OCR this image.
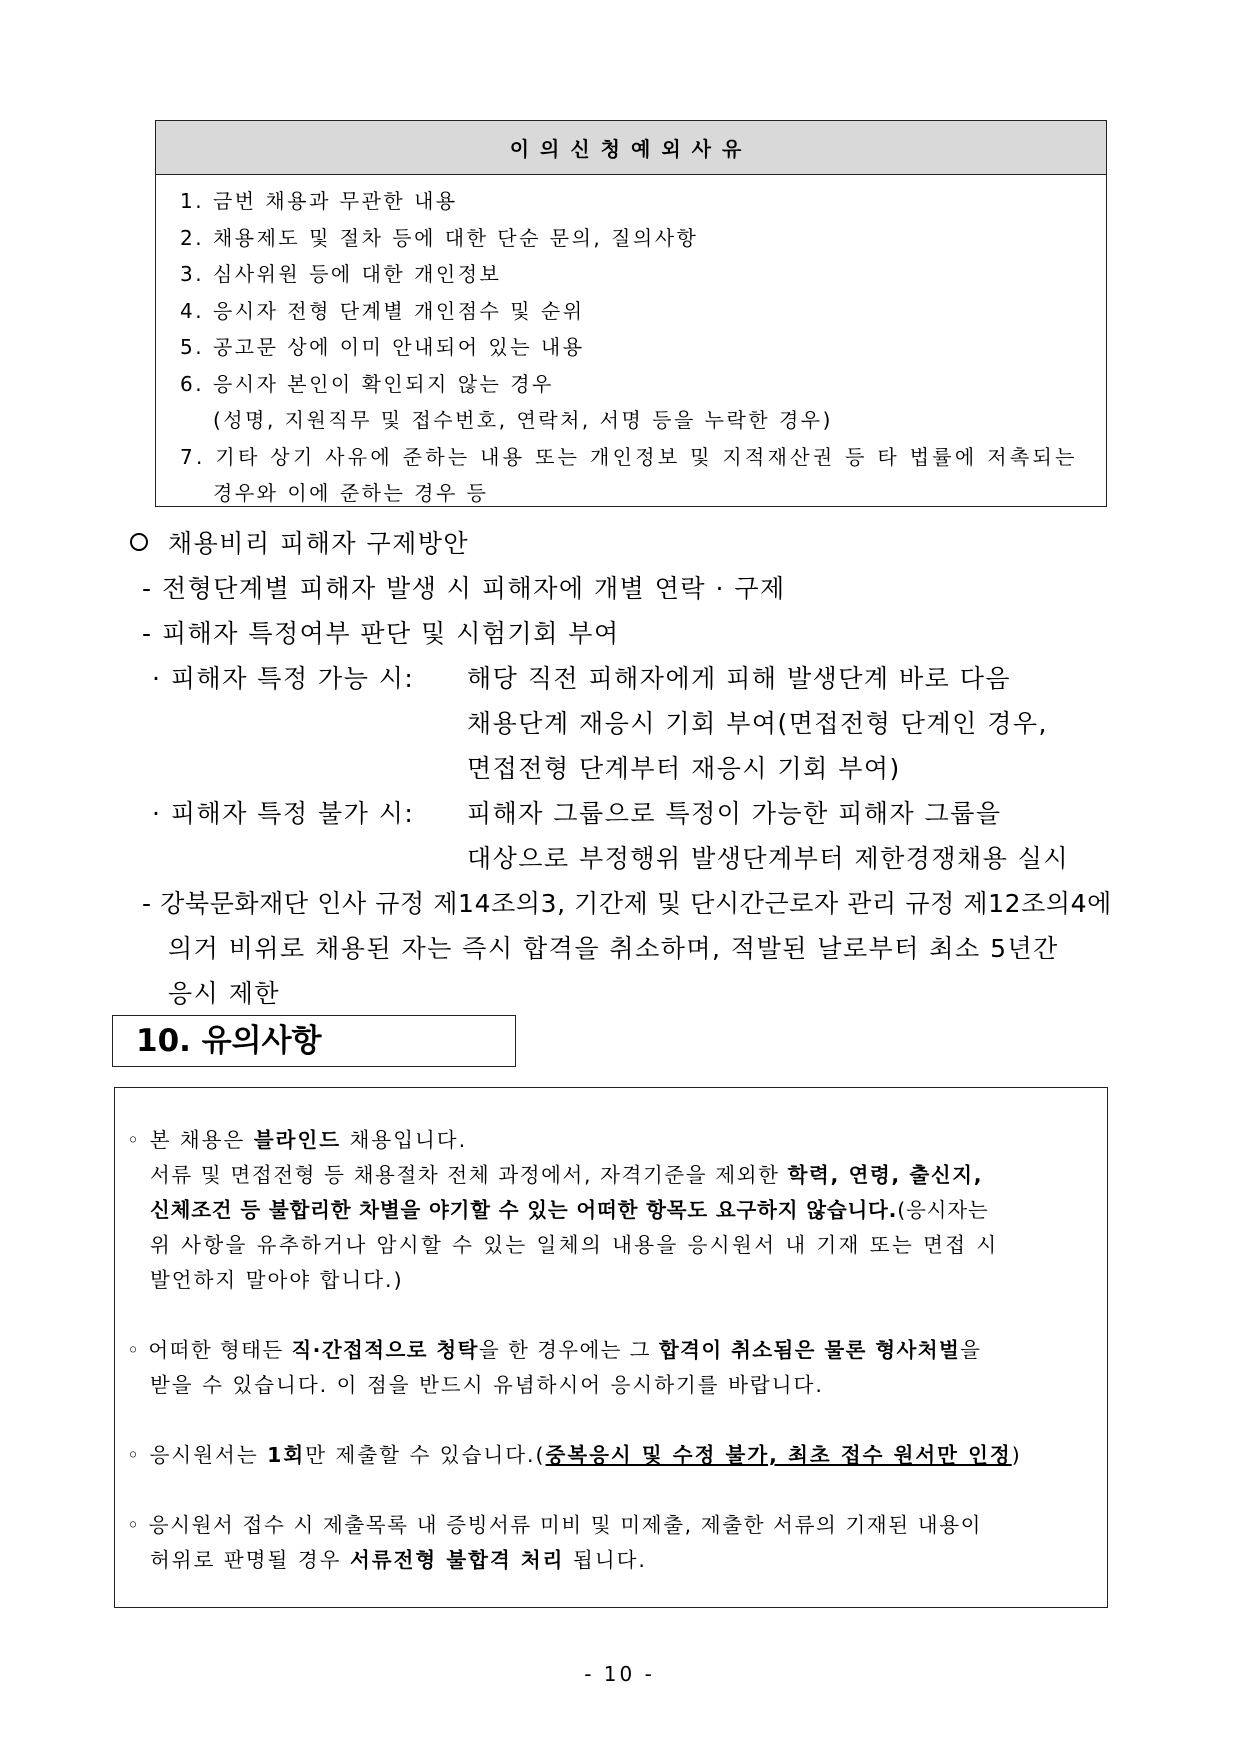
이의신청예외사유
1. 금번 채용과 무관한 내용
2. 채용제도 및 절차 등에 대한 단순 문의, 질의사항
3. 심사위원 등에 대한 개인정보
4. 응시자 전형 단계별 개인점수 및 순위
5. 공고문 상에 이미 안내되어 있는 내용
6. 응시자 본인이 확인되지 않는 경우
(성명, 지원직무 및 접수번호, 연락처, 서명 등을 누락한 경우)
7. 기타 상기 사유에 준하는 내용 또는 개인정보 및 지적재산권 등 타 법률에 저촉되는
경우와 이에 준하는 경우 등
채용비리 피해자 구제방안
- 전형단계별 피해자 발생 시 피해자에 개별 연락 · 구제
- 피해자 특정여부 판단 및 시험기회 부여
· 피해자 특정 가능 시: 해당 직전 피해자에게 피해 발생단계 바로 다음
채용단계 재응시 기회 부여(면접전형 단계인 경우,
면접전형 단계부터 재응시 기회 부여)
· 피해자 특정 불가 시: 피해자 그룹으로 특정이 가능한 피해자 그룹을
대상으로 부정행위 발생단계부터 제한경쟁채용 실시
- 강북문화재단 인사 규정 제14조의3, 기간제 및 단시간근로자 관리 규정 제12조의4에
의거 비위로 채용된 자는 즉시 합격을 취소하며, 적발된 날로부터 최소 5년간
응시 제한
10. 유의사항
◦ 본 채용은 블라인드 채용입니다.
서류 및 면접전형 등 채용절차 전체 과정에서, 자격기준을 제외한 학력, 연령, 출신지,
신체조건 등 불합리한 차별을 야기할 수 있는 어떠한 항목도 요구하지 않습니다.(응시자는
위 사항을 유추하거나 암시할 수 있는 일체의 내용을 응시원서 내 기재 또는 면접 시
발언하지 말아야 합니다.)
◦ 어떠한 형태든 직·간접적으로 청탁을 한 경우에는 그 합격이 취소됨은 물론 형사처벌을
받을 수 있습니다. 이 점을 반드시 유념하시어 응시하기를 바랍니다.
◦ 응시원서는 1회만 제출할 수 있습니다.(중복응시 및 수정 불가, 최초 접수 원서만 인정)
◦ 응시원서 접수 시 제출목록 내 증빙서류 미비 및 미제출, 제출한 서류의 기재된 내용이
허위로 판명될 경우 서류전형 불합격 처리 됩니다.
- 10 -
